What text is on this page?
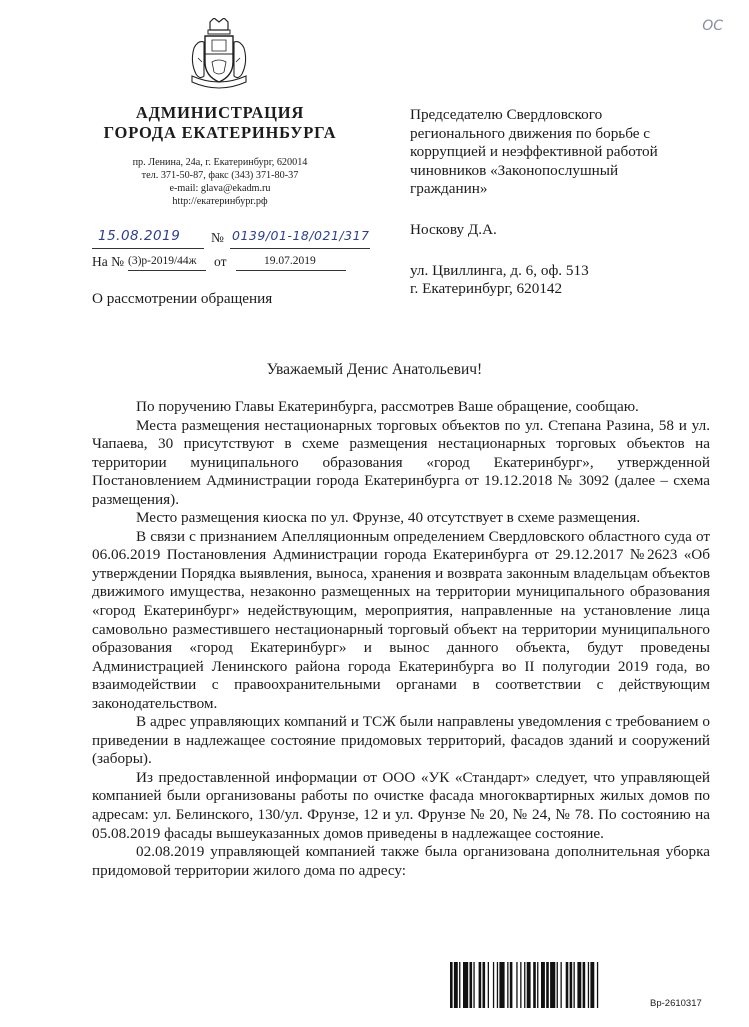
ОС
АДМИНИСТРАЦИЯ
ГОРОДА ЕКАТЕРИНБУРГА
пр. Ленина, 24а, г. Екатеринбург, 620014
тел. 371-50-87, факс (343) 371-80-37
e-mail: glava@ekadm.ru
http://екатеринбург.рф
15.08.2019 № 0139/01-18/021/317
На № (3)р-2019/44ж от	19.07.2019
О рассмотрении обращения
Председателю Свердловского
регионального движения по борьбе с
коррупцией и неэффективной работой
чиновников «Законопослушный
гражданин»
Носкову Д.А.
ул. Цвиллинга, д. 6, оф. 513
г. Екатеринбург, 620142
Уважаемый Денис Анатольевич!

По поручению Главы Екатеринбурга, рассмотрев Ваше обращение, сообщаю.

Места размещения нестационарных торговых объектов по ул. Степана Разина, 58 и ул. Чапаева, 30 присутствуют в схеме размещения нестационарных торговых объектов на территории муниципального образования «город Екатеринбург», утвержденной Постановлением Администрации города Екатеринбурга от 19.12.2018 № 3092 (далее – схема размещения).

Место размещения киоска по ул. Фрунзе, 40 отсутствует в схеме размещения.

В связи с признанием Апелляционным определением Свердловского областного суда от 06.06.2019 Постановления Администрации города Екатеринбурга от 29.12.2017 №2623 «Об утверждении Порядка выявления, выноса, хранения и возврата законным владельцам объектов движимого имущества, незаконно размещенных на территории муниципального образования «город Екатеринбург» недействующим, мероприятия, направленные на установление лица самовольно разместившего нестационарный торговый объект на территории муниципального образования «город Екатеринбург» и вынос данного объекта, будут проведены Администрацией Ленинского района города Екатеринбурга во II полугодии 2019 года, во взаимодействии с правоохранительными органами в соответствии с действующим законодательством.

В адрес управляющих компаний и ТСЖ были направлены уведомления с требованием о приведении в надлежащее состояние придомовых территорий, фасадов зданий и сооружений (заборы).

Из предоставленной информации от ООО «УК «Стандарт» следует, что управляющей компанией были организованы работы по очистке фасада многоквартирных жилых домов по адресам: ул. Белинского, 130/ул. Фрунзе, 12 и ул. Фрунзе № 20, № 24, № 78. По состоянию на 05.08.2019 фасады вышеуказанных домов приведены в надлежащее состояние.

02.08.2019 управляющей компанией также была организована дополнительная уборка придомовой территории жилого дома по адресу:

Вр-2610317
